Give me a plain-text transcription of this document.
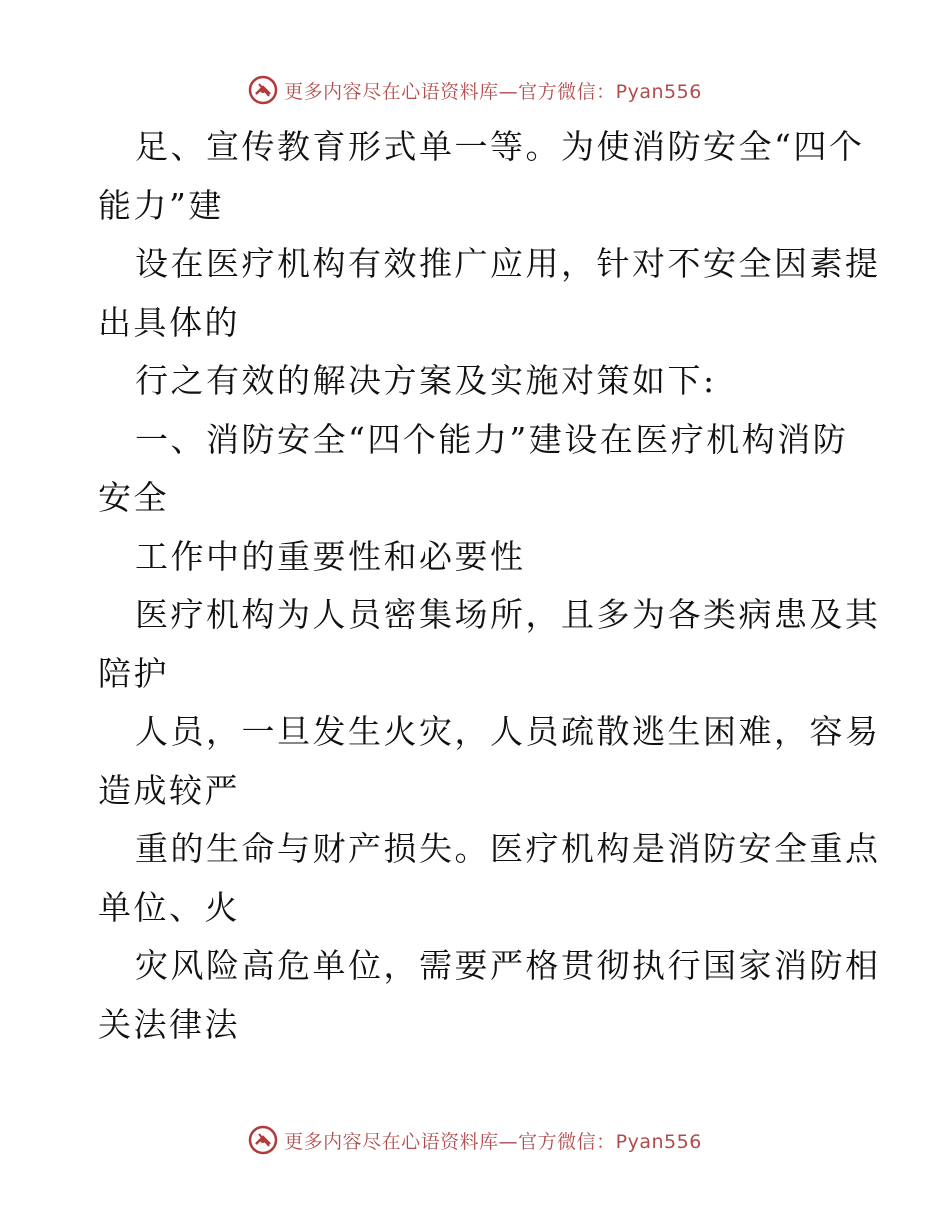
更多内容尽在心语资料库—官方微信：Pyan556
足、宣传教育形式单一等。为使消防安全“四个
能力”建
设在医疗机构有效推广应用，针对不安全因素提
出具体的
行之有效的解决方案及实施对策如下:
一、消防安全“四个能力”建设在医疗机构消防
安全
工作中的重要性和必要性
医疗机构为人员密集场所，且多为各类病患及其
陪护
人员，一旦发生火灾，人员疏散逃生困难，容易
造成较严
重的生命与财产损失。医疗机构是消防安全重点
单位、火
灾风险高危单位，需要严格贯彻执行国家消防相
关法律法
更多内容尽在心语资料库—官方微信：Pyan556
